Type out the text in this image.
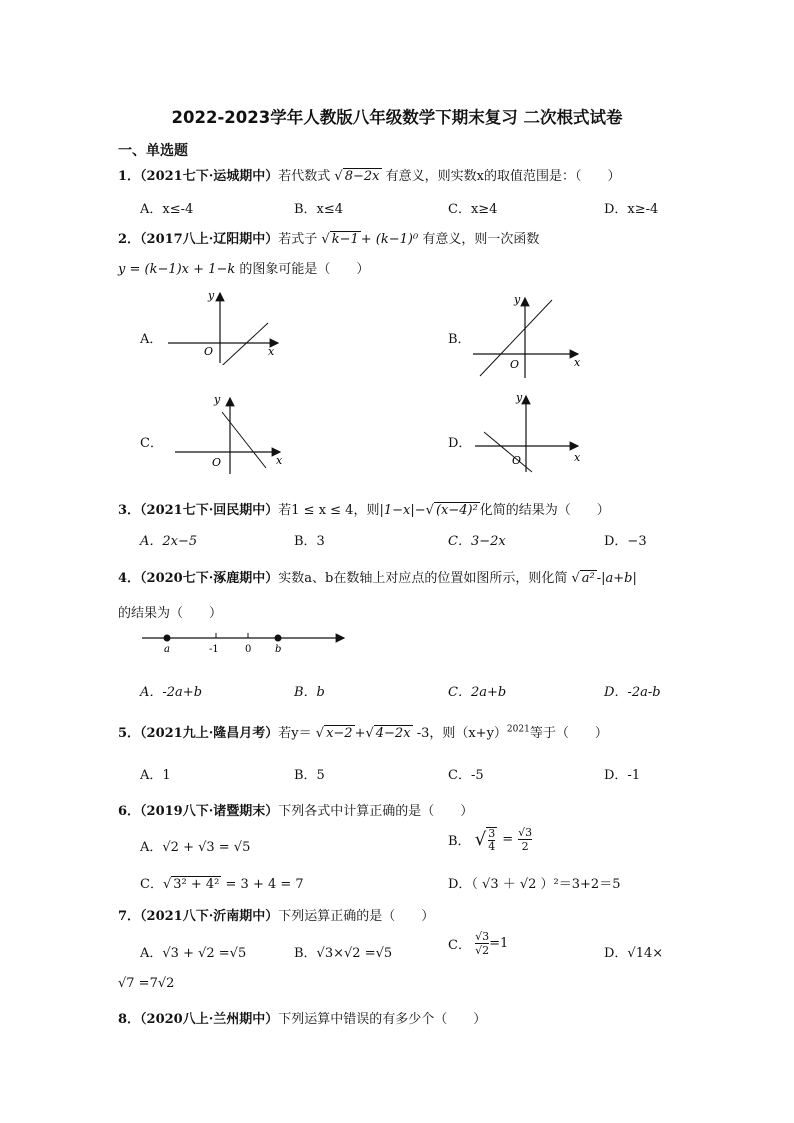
2022-2023学年人教版八年级数学下期末复习 二次根式试卷
一、单选题
1．（2021七下·运城期中）若代数式 √ 8−2x 有意义，则实数x的取值范围是：（　　）
A．x≤-4	B．x≤4	C．x≥4	D．x≥-4
2．（2017八上·辽阳期中）若式子 √ k−1 + (k−1)⁰ 有意义，则一次函数
y = (k−1)x + 1−k 的图象可能是（　　）
A．	B．
C．	D．
x
y
O
x
y
O
x
y
O	x
y
O
3．（2021七下·回民期中）若1 ≤ x ≤ 4，则|1−x|−√ (x−4)² 化简的结果为（　　）
A．2x−5	B．3	C．3−2x	D．−3
4．（2020七下·涿鹿期中）实数a、b在数轴上对应点的位置如图所示，则化简 √ a² -|a+b|
的结果为（　　）
a	-1	0 b
A．-2a+b	B．b	C．2a+b	D．-2a-b
5．（2021九上·隆昌月考）若y＝ √ x−2 +√ 4−2x -3，则$(x+y)^{2021}$等于（　　）
A．1	B．5	C．-5	D．-1
6．（2019八下·诸暨期末）下列各式中计算正确的是（　　）
A．√2 + √3 = √5	B． √ $\frac{3}{4} = \frac{√3}{2}$
C．√ 3² + 4² = 3 + 4 = 7	D．（ √3 ＋ √2 ）²＝3+2＝5
7．（2021八下·沂南期中）下列运算正确的是（　　）
A．√3 + √2 =√5	B．√3×√2 =√5
C． $\frac{√3}{√2} =1$
D．√14×
√7 =7√2
8．（2020八上·兰州期中）下列运算中错误的有多少个（　　）
